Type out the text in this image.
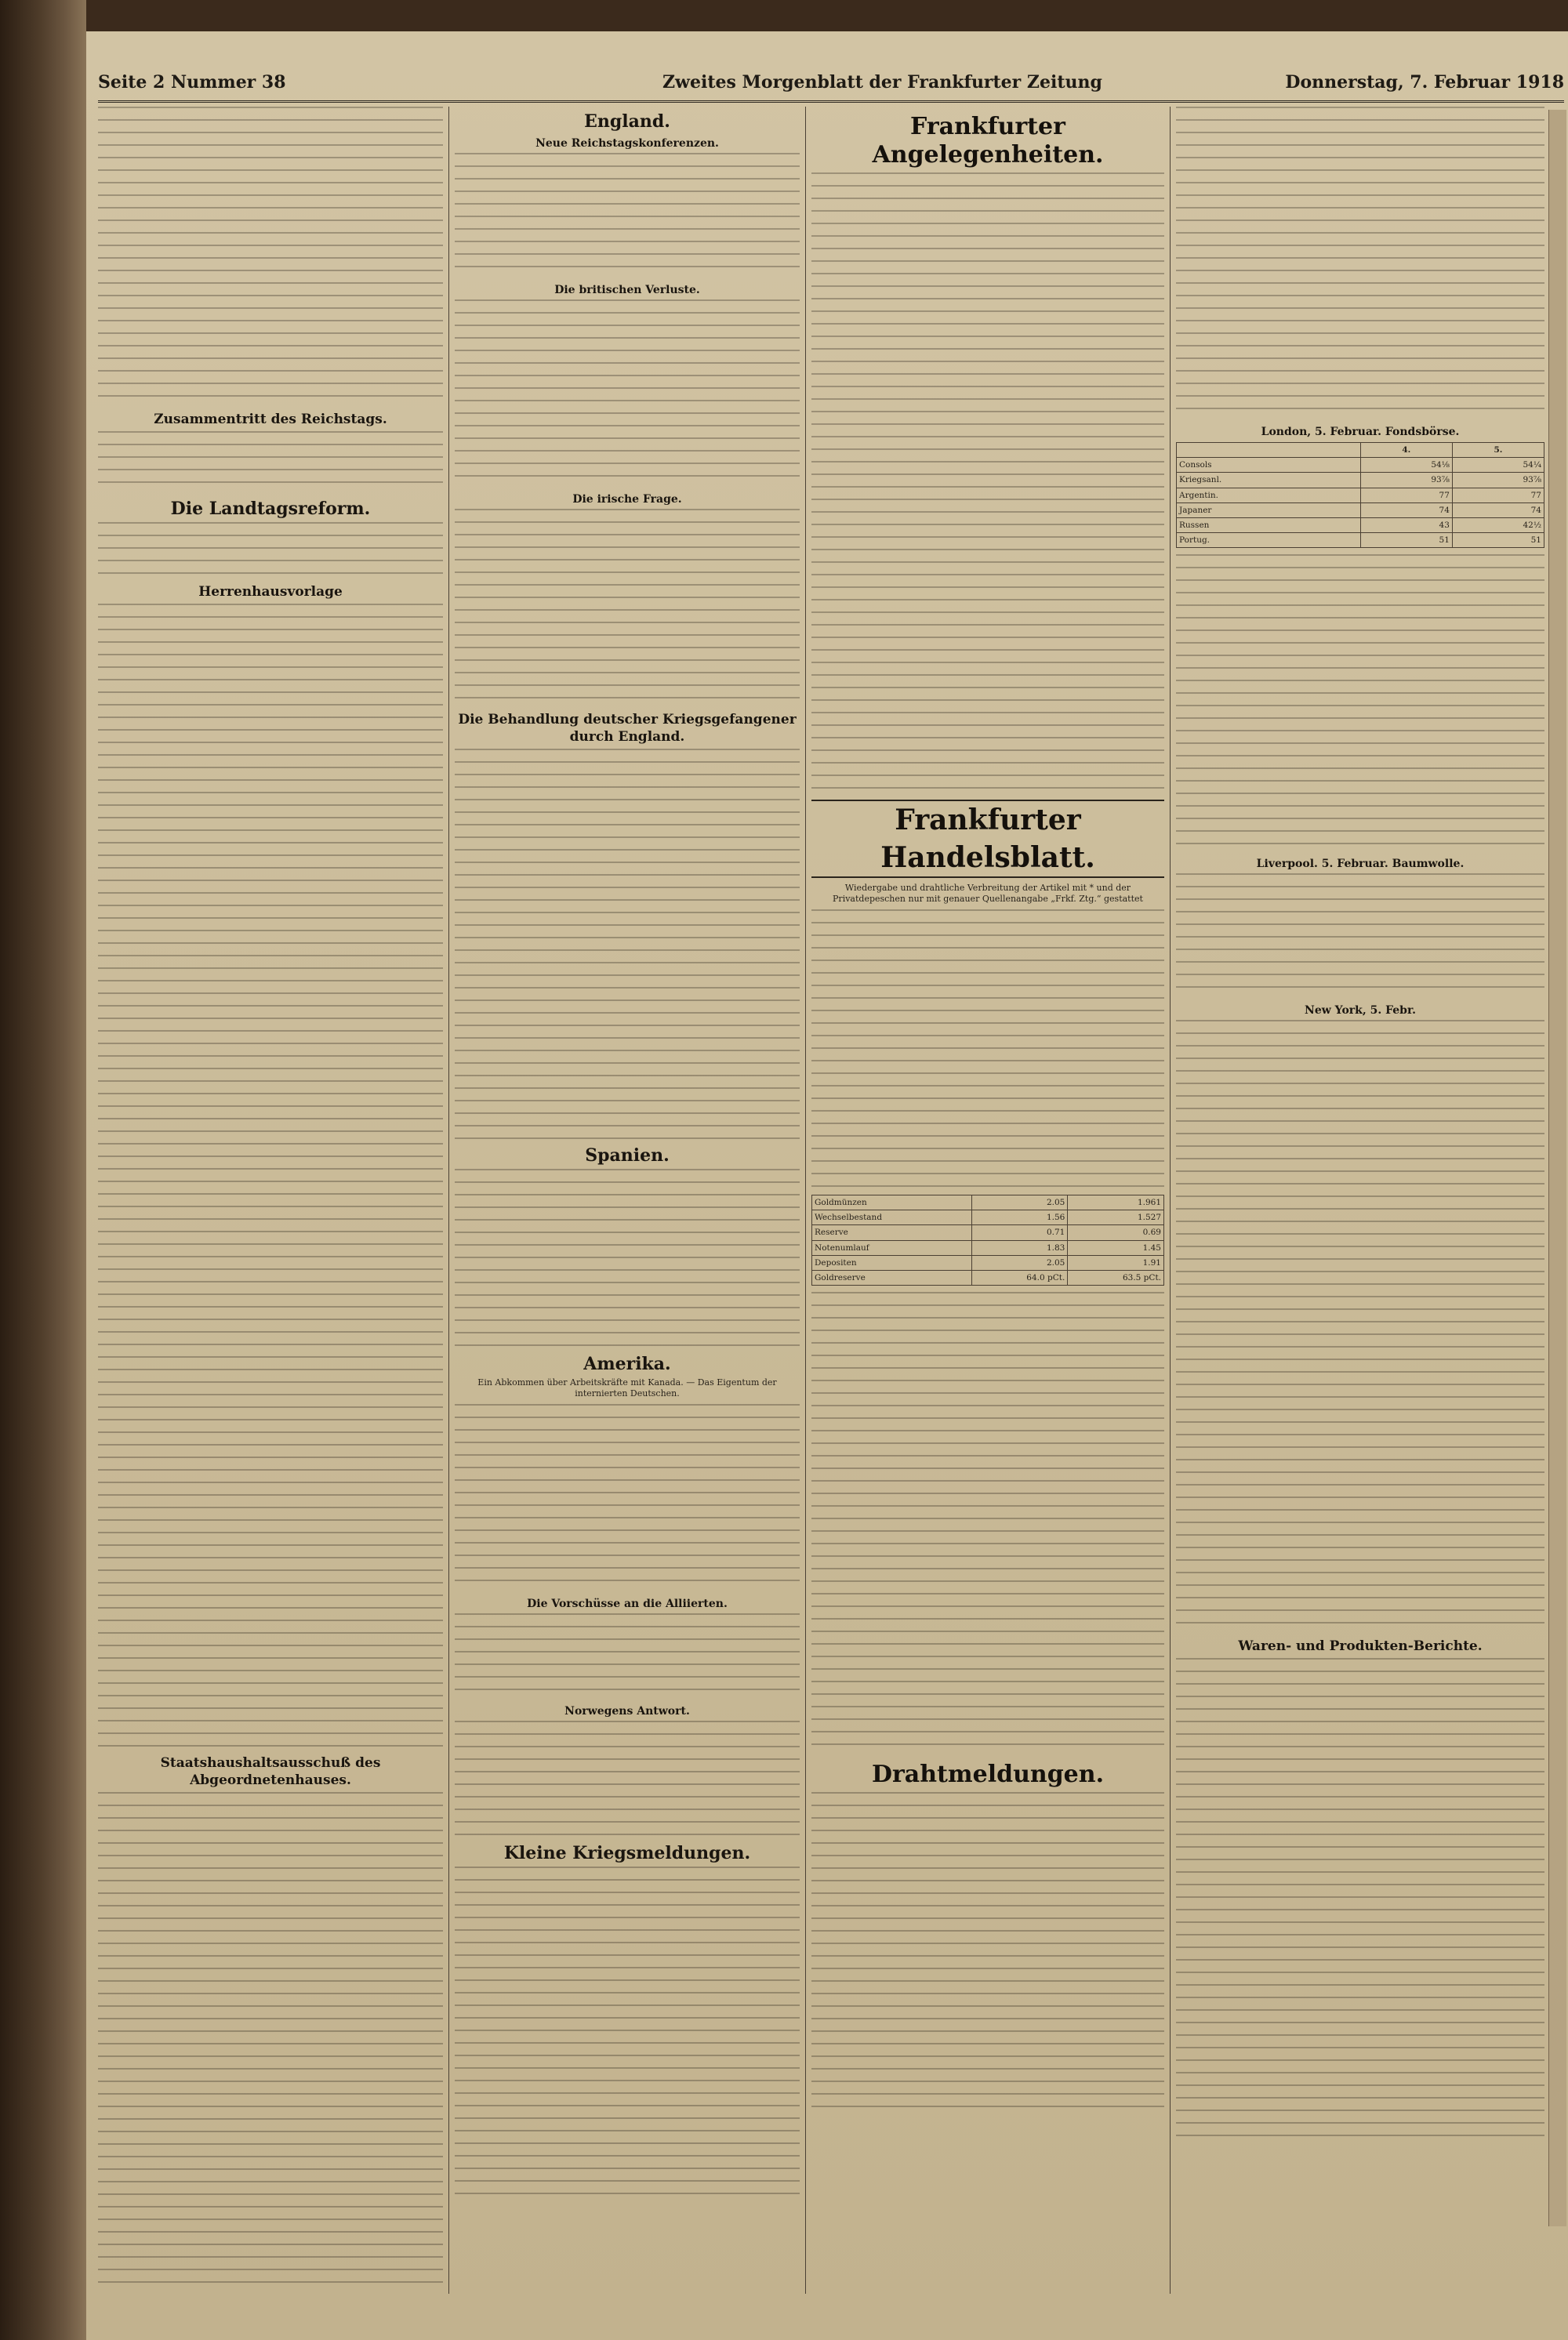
Seite 2 Nummer 38	Zweites Morgenblatt der Frankfurter Zeitung	Donnerstag, 7. Februar 1918
Zusammentritt des Reichstags.
Die Landtagsreform.
Herrenhausvorlage
Staatshaushaltsausschuß des Abgeordnetenhauses.
England.
Neue Reichstagskonferenzen.
Die britischen Verluste.
Die irische Frage.
Die Behandlung deutscher Kriegsgefangener durch England.
Spanien.
Amerika.
Ein Abkommen über Arbeitskräfte mit Kanada. — Das Eigentum der internierten Deutschen.
Die Vorschüsse an die Alliierten.
Norwegens Antwort.
Kleine Kriegsmeldungen.
Frankfurter Angelegenheiten.
Frankfurter Handelsblatt.
Wiedergabe und drahtliche Verbreitung der Artikel mit * und der Privatdepeschen nur mit genauer Quellenangabe „Frkf. Ztg.“ gestattet
Goldmünzen	2.05	1.961
Wechselbestand	1.56	1.527
Reserve	0.71	0.69
Notenumlauf	1.83	1.45
Depositen	2.05	1.91
Goldreserve	64.0 pCt.	63.5 pCt.
Drahtmeldungen.
London, 5. Februar. Fondsbörse.
	4.	5.
Consols	54⅛	54¼
Kriegsanl.	93⅞	93⅞
Argentin.	77	77
Japaner	74	74
Russen	43	42½
Portug.	51	51
Liverpool. 5. Februar. Baumwolle.
New York, 5. Febr.
Waren- und Produkten-Berichte.
